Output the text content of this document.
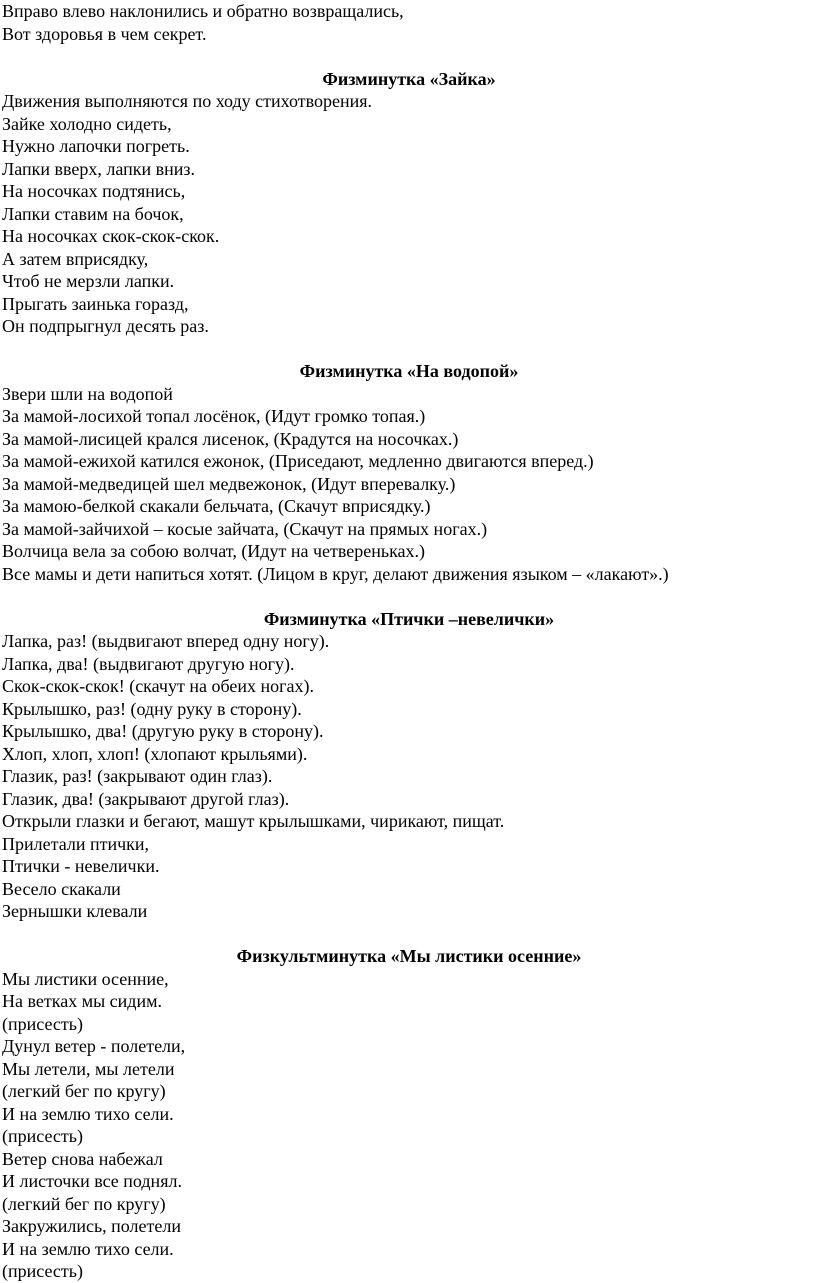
Вправо влево наклонились и обратно возвращались,

Вот здоровья в чем секрет.

Физминутка «Зайка»

Движения выполняются по ходу стихотворения.

Зайке холодно сидеть,

Нужно лапочки погреть.

Лапки вверх, лапки вниз.

На носочках подтянись,

Лапки ставим на бочок,

На носочках скок-скок-скок.

А затем вприсядку,

Чтоб не мерзли лапки.

Прыгать заинька горазд,

Он подпрыгнул десять раз.

Физминутка «На водопой»

Звери шли на водопой

За мамой-лосихой топал лосёнок, (Идут громко топая.)

За мамой-лисицей крался лисенок, (Крадутся на носочках.)

За мамой-ежихой катился ежонок, (Приседают, медленно двигаются вперед.)

За мамой-медведицей шел медвежонок, (Идут вперевалку.)

За мамою-белкой скакали бельчата, (Скачут вприсядку.)

За мамой-зайчихой – косые зайчата, (Скачут на прямых ногах.)

Волчица вела за собою волчат, (Идут на четвереньках.)

Все мамы и дети напиться хотят. (Лицом в круг, делают движения языком – «лакают».)

Физминутка «Птички –невелички»

Лапка, раз! (выдвигают вперед одну ногу).

Лапка, два! (выдвигают другую ногу).

Скок-скок-скок! (скачут на обеих ногах).

Крылышко, раз! (одну руку в сторону).

Крылышко, два! (другую руку в сторону).

Хлоп, хлоп, хлоп! (хлопают крыльями).

Глазик, раз! (закрывают один глаз).

Глазик, два! (закрывают другой глаз).

Открыли глазки и бегают, машут крылышками, чирикают, пищат.

Прилетали птички,

Птички - невелички.

Весело скакали

Зернышки клевали

Физкультминутка «Мы листики осенние»

Мы листики осенние,

На ветках мы сидим.

(присесть)

Дунул ветер - полетели,

Мы летели, мы летели

(легкий бег по кругу)

И на землю тихо сели.

(присесть)

Ветер снова набежал

И листочки все поднял.

(легкий бег по кругу)

Закружились, полетели

И на землю тихо сели.

(присесть)
